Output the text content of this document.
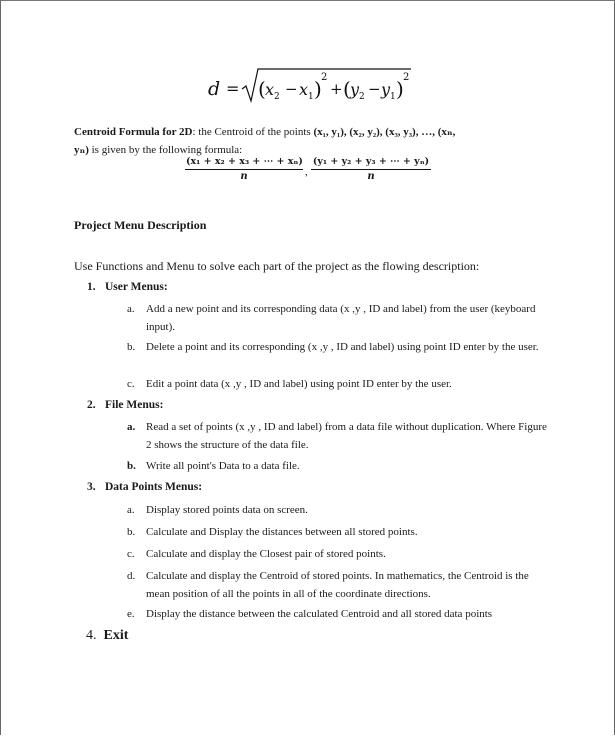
d = ( x 2 − x 1 ) 2
+ ( y 2 − y 1 ) 2
Centroid Formula for 2D: the Centroid of the points (x₁, y₁), (x₂, y₂), (x₃, y₃), …, (xₙ,
yₙ) is given by the following formula:
$\frac{\text{(x₁ + x₂ + x₃ + ⋯ + xₙ)}}{n}$ , $\frac{\text{(y₁ + y₂ + y₃ + ⋯ + yₙ)}}{n}$
Project Menu Description
Use Functions and Menu to solve each part of the project as the flowing description:
1. User Menus:
a.	Add a new point and its corresponding data (x ,y , ID and label) from the user (keyboard input).
b. Delete a point and its corresponding (x ,y , ID and label) using point ID enter by the user.
c.	Edit a point data (x ,y , ID and label) using point ID enter by the user.
2. File Menus:
a. Read a set of points (x ,y , ID and label) from a data file without duplication. Where Figure 2 shows the structure of the data file.
b. Write all point's Data to a data file.
3. Data Points Menus:
a.	Display stored points data on screen.
b. Calculate and Display the distances between all stored points.
c.	Calculate and display the Closest pair of stored points.
d. Calculate and display the Centroid of stored points. In mathematics, the Centroid is the mean position of all the points in all of the coordinate directions.
e.	Display the distance between the calculated Centroid and all stored data points
4. Exit
